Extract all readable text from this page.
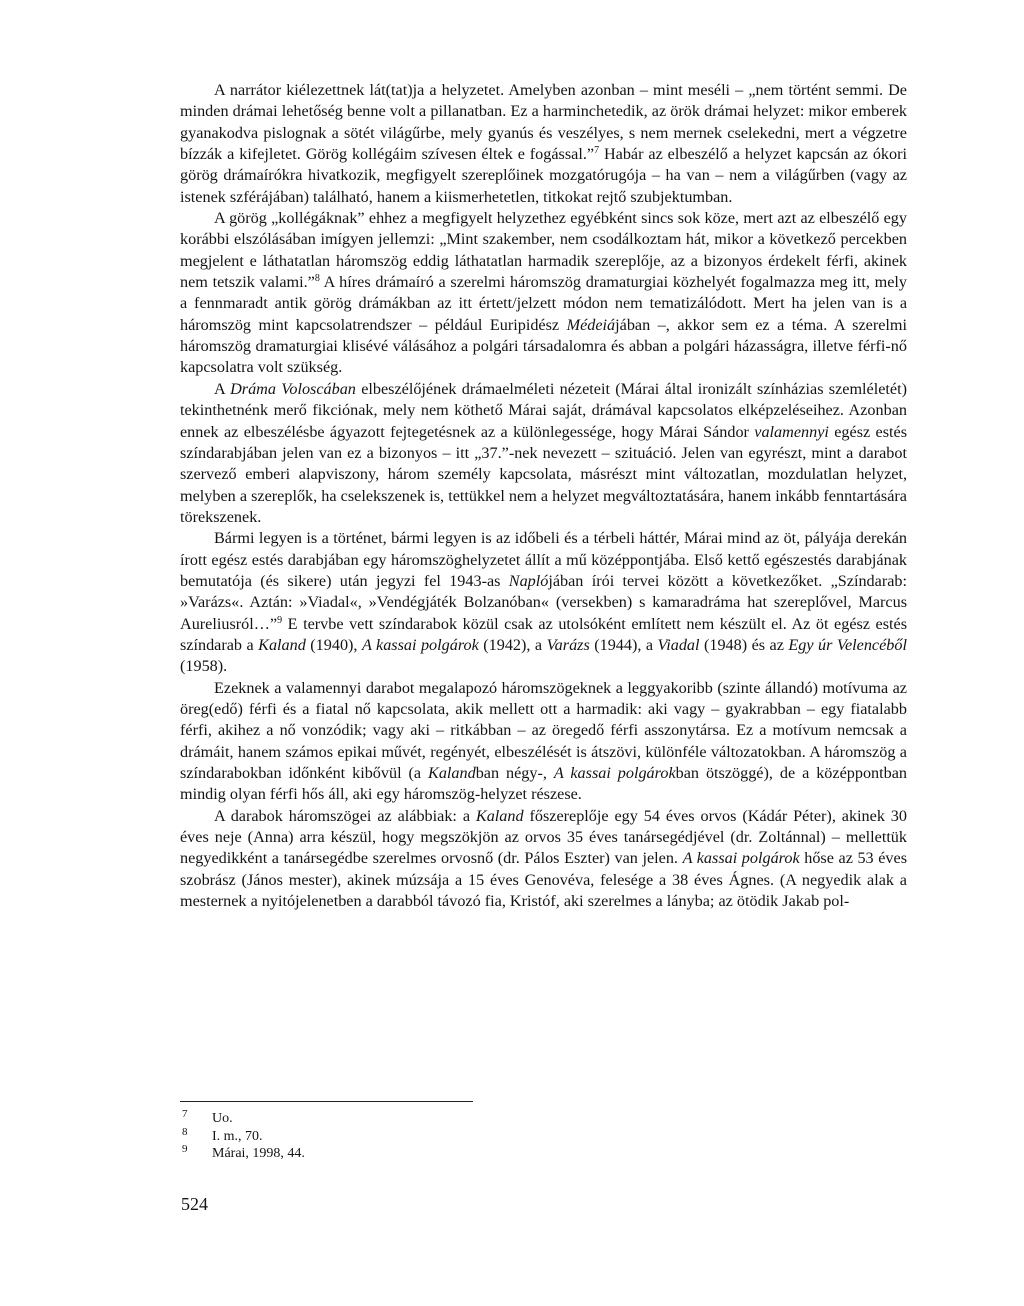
A narrátor kiélezettnek lát(tat)ja a helyzetet. Amelyben azonban – mint meséli – „nem történt semmi. De minden drámai lehetőség benne volt a pillanatban. Ez a harminchetedik, az örök drámai helyzet: mikor emberek gyanakodva pislognak a sötét világűrbe, mely gyanús és veszélyes, s nem mernek cselekedni, mert a végzetre bízzák a kifejletet. Görög kollégáim szívesen éltek e fogással.”$^7$ Habár az elbeszélő a helyzet kapcsán az ókori görög drámaírókra hivatkozik, megfigyelt szereplőinek mozgatórugója – ha van – nem a világűrben (vagy az istenek szférájában) található, hanem a kiismerhetetlen, titkokat rejtő szubjektumban.

A görög „kollégáknak” ehhez a megfigyelt helyzethez egyébként sincs sok köze, mert azt az elbeszélő egy korábbi elszólásában imígyen jellemzi: „Mint szakember, nem csodálkoztam hát, mikor a következő percekben megjelent e láthatatlan háromszög eddig láthatatlan harmadik szereplője, az a bizonyos érdekelt férfi, akinek nem tetszik valami.”$^8$ A híres drámaíró a szerelmi háromszög dramaturgiai közhelyét fogalmazza meg itt, mely a fennmaradt antik görög drámákban az itt értett/jelzett módon nem tematizálódott. Mert ha jelen van is a háromszög mint kapcsolatrendszer – például Euripidész Médeiájában –, akkor sem ez a téma. A szerelmi háromszög dramaturgiai klisévé válásához a polgári társadalomra és abban a polgári házasságra, illetve férfi-nő kapcsolatra volt szükség.

A Dráma Voloscában elbeszélőjének drámaelméleti nézeteit (Márai által ironizált színházias szemléletét) tekinthetnénk merő fikciónak, mely nem köthető Márai saját, drámával kapcsolatos elképzeléseihez. Azonban ennek az elbeszélésbe ágyazott fejtegetésnek az a különlegessége, hogy Márai Sándor valamennyi egész estés színdarabjában jelen van ez a bizonyos – itt „37.”-nek nevezett – szituáció. Jelen van egyrészt, mint a darabot szervező emberi alapviszony, három személy kapcsolata, másrészt mint változatlan, mozdulatlan helyzet, melyben a szereplők, ha cselekszenek is, tettükkel nem a helyzet megváltoztatására, hanem inkább fenntartására törekszenek.

Bármi legyen is a történet, bármi legyen is az időbeli és a térbeli háttér, Márai mind az öt, pályája derekán írott egész estés darabjában egy háromszöghelyzetet állít a mű középpontjába. Első kettő egészestés darabjának bemutatója (és sikere) után jegyzi fel 1943-as Naplójában írói tervei között a következőket. „Színdarab: »Varázs«. Aztán: »Viadal«, »Vendégjáték Bolzanóban« (versekben) s kamaradráma hat szereplővel, Marcus Aureliusról…”$^9$ E tervbe vett színdarabok közül csak az utolsóként említett nem készült el. Az öt egész estés színdarab a Kaland (1940), A kassai polgárok (1942), a Varázs (1944), a Viadal (1948) és az Egy úr Velencéből (1958).

Ezeknek a valamennyi darabot megalapozó háromszögeknek a leggyakoribb (szinte állandó) motívuma az öreg(edő) férfi és a fiatal nő kapcsolata, akik mellett ott a harmadik: aki vagy – gyakrabban – egy fiatalabb férfi, akihez a nő vonzódik; vagy aki – ritkábban – az öregedő férfi asszonytársa. Ez a motívum nemcsak a drámáit, hanem számos epikai művét, regényét, elbeszélését is átszövi, különféle változatokban. A háromszög a színdarabokban időnként kibővül (a Kalandban négy-, A kassai polgárokban ötszöggé), de a középpontban mindig olyan férfi hős áll, aki egy háromszög-helyzet részese.

A darabok háromszögei az alábbiak: a Kaland főszereplője egy 54 éves orvos (Kádár Péter), akinek 30 éves neje (Anna) arra készül, hogy megszökjön az orvos 35 éves tanársegédjével (dr. Zoltánnal) – mellettük negyedikként a tanársegédbe szerelmes orvosnő (dr. Pálos Eszter) van jelen. A kassai polgárok hőse az 53 éves szobrász (János mester), akinek múzsája a 15 éves Genovéva, felesége a 38 éves Ágnes. (A negyedik alak a mesternek a nyitójelenetben a darabból távozó fia, Kristóf, aki szerelmes a lányba; az ötödik Jakab pol-

7 Uo.
8 I. m., 70.
9 Márai, 1998, 44.
524
